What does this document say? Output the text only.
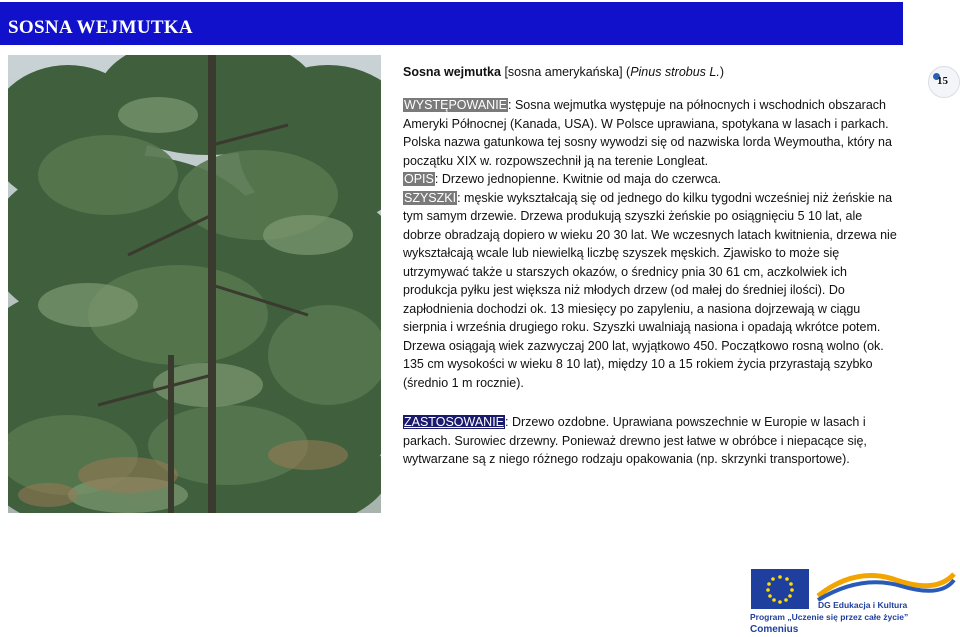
SOSNA WEJMUTKA
15
Sosna wejmutka [sosna amerykańska] (Pinus strobus L.)
WYSTĘPOWANIE: Sosna wejmutka występuje na północnych i wschodnich obszarach Ameryki Północnej (Kanada, USA). W Polsce uprawiana, spotykana w lasach i parkach. Polska nazwa gatunkowa tej sosny wywodzi się od nazwiska lorda Weymoutha, który na początku XIX w. rozpowszechnił ją na terenie Longleat.
OPIS: Drzewo jednopienne. Kwitnie od maja do czerwca.
SZYSZKI: męskie wykształcają się od jednego do kilku tygodni wcześniej niż żeńskie na tym samym drzewie. Drzewa produkują szyszki żeńskie po osiągnięciu 5 10 lat, ale dobrze obradzają dopiero w wieku 20 30 lat. We wczesnych latach kwitnienia, drzewa nie wykształcają wcale lub niewielką liczbę szyszek męskich. Zjawisko to może się utrzymywać także u starszych okazów, o średnicy pnia 30 61 cm, aczkolwiek ich produkcja pyłku jest większa niż młodych drzew (od małej do średniej ilości). Do zapłodnienia dochodzi ok. 13 miesięcy po zapyleniu, a nasiona dojrzewają w ciągu sierpnia i września drugiego roku. Szyszki uwalniają nasiona i opadają wkrótce potem. Drzewa osiągają wiek zazwyczaj 200 lat, wyjątkowo 450. Początkowo rosną wolno (ok. 135 cm wysokości w wieku 8 10 lat), między 10 a 15 rokiem życia przyrastają szybko (średnio 1 m rocznie).
ZASTOSOWANIE: Drzewo ozdobne. Uprawiana powszechnie w Europie w lasach i parkach. Surowiec drzewny. Ponieważ drewno jest łatwe w obróbce i niepacące się, wytwarzane są z niego różnego rodzaju opakowania (np. skrzynki transportowe).
DG Edukacja i Kultura
Program „Uczenie się przez całe życie”
Comenius
